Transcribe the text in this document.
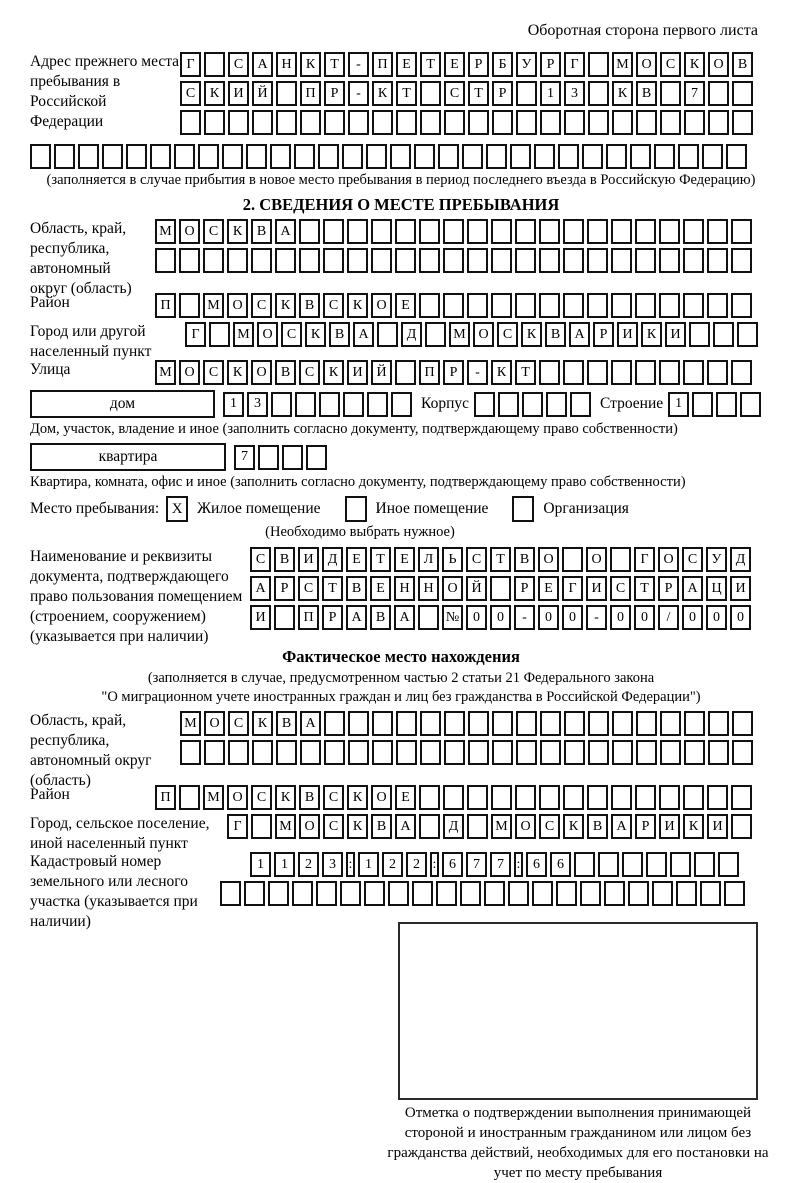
Оборотная сторона первого листа
Адрес прежнего места пребывания в Российской Федерации
Г	С	А Н	К	Т	-	П	Е	Т	Е	Р	Б	У	Р	Г	М О	С	К	О	В
С	К	И Й	П	Р	-	К	Т	С	Т	Р	1	3	К	В	7
(заполняется в случае прибытия в новое место пребывания в период последнего въезда в Российскую Федерацию)
2. СВЕДЕНИЯ О МЕСТЕ ПРЕБЫВАНИЯ
Область, край, республика, автономный округ (область)
М О	С	К	В	А
Район	П	М О	С	К	В	С	К	О	Е
Город или другой населенный пункт
Г	М О	С	К	В	А	Д	М О	С	К	В	А	Р	И	К	И
Улица	М О	С	К	О	В	С	К	И Й	П	Р	-	К	Т
дом	1	3	Корпус	Строение 1
Дом, участок, владение и иное (заполнить согласно документу, подтверждающему право собственности)
квартира	7
Квартира, комната, офис и иное (заполнить согласно документу, подтверждающему право собственности)
Место пребывания: X Жилое помещение	Иное помещение	Организация
(Необходимо выбрать нужное)
Наименование и реквизиты документа, подтверждающего право пользования помещением (строением, сооружением) (указывается при наличии)
С	В	И	Д	Е	Т	Е	Л	Ь	С	Т	В	О	О	Г	О	С	У	Д
А	Р	С	Т	В	Е	Н Н О Й	Р	Е	Г	И	С	Т	Р	А Ц И
И	П	Р	А	В	А	№ 0	0	-	0	0	-	0	0	/	0	0	0
Фактическое место нахождения
(заполняется в случае, предусмотренном частью 2 статьи 21 Федерального закона
"О миграционном учете иностранных граждан и лиц без гражданства в Российской Федерации")
Область, край, республика, автономный округ (область)
М О	С	К	В	А
Район	П	М О	С	К	В	С	К	О	Е
Город, сельское поселение, иной населенный пункт
Г	М О	С	К	В	А	Д	М О	С	К	В	А	Р	И	К	И
Кадастровый номер земельного или лесного участка (указывается при наличии)
1	1	2	3 : 1	2	2 : 6	7	7 : 6	6
Отметка о подтверждении выполнения принимающей стороной и иностранным гражданином или лицом без гражданства действий, необходимых для его постановки на учет по месту пребывания
